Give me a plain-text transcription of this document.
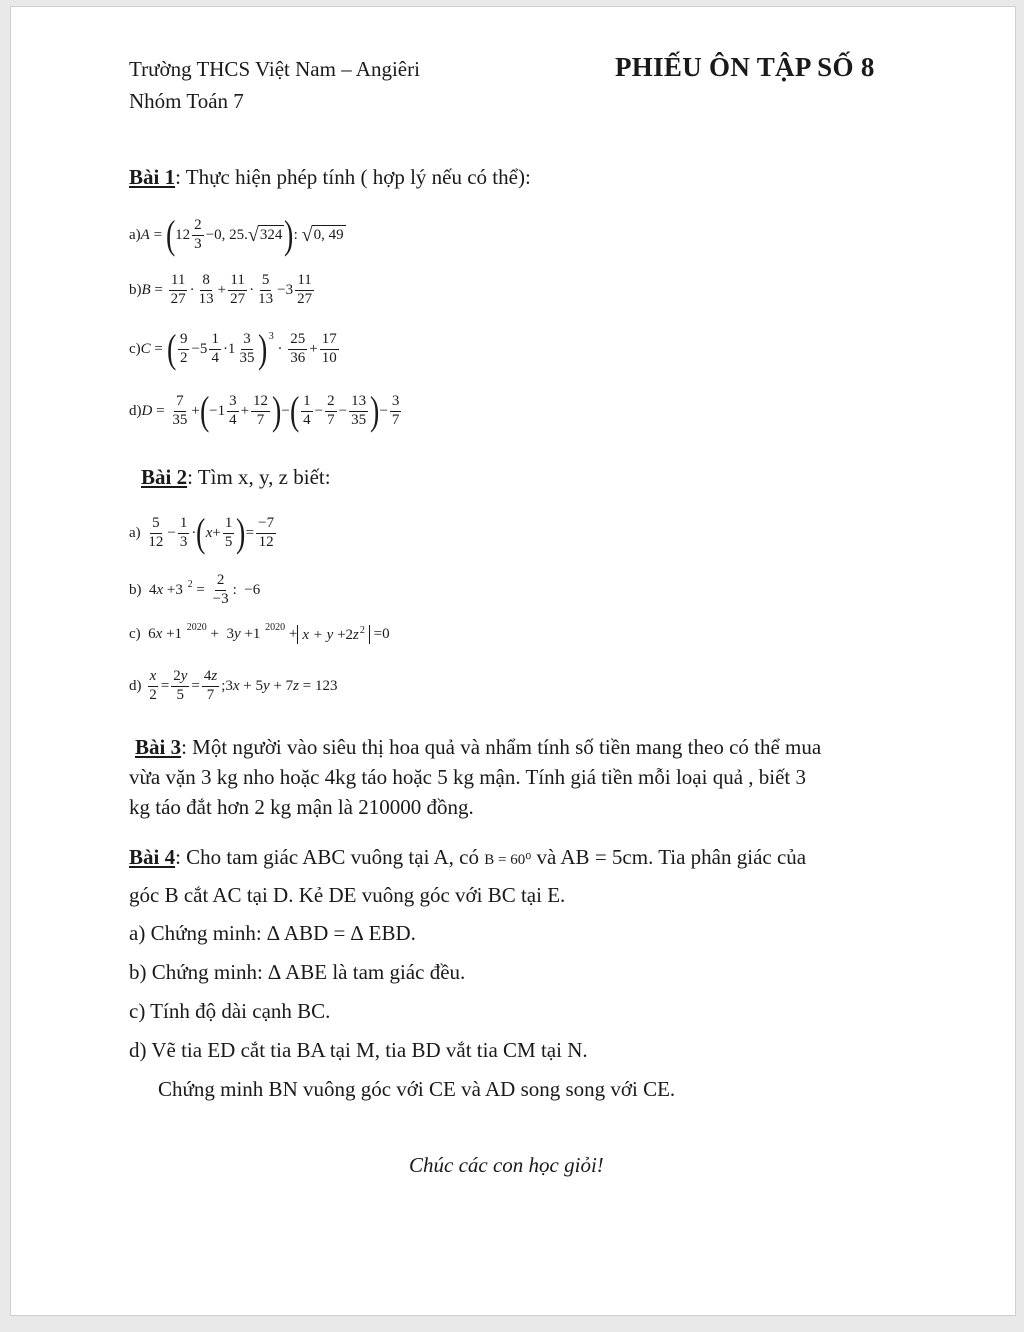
Trường THCS Việt Nam – Angiêri
Nhóm Toán 7
PHIẾU ÔN TẬP SỐ 8
Bài 1: Thực hiện phép tính ( hợp lý nếu có thể):
a) A = ( $12 \frac{2}{3} -0$, 25. √ 324 ) : √ 0, 49
b) $B = \frac{11}{27} \cdot \frac{8}{13} + \frac{11}{27} \cdot \frac{5}{13} -3 \frac{11}{27}$
c) C = ( $\frac{9}{2} -5 \frac{1}{4} \cdot 1 \frac{3}{35}$ ) 3
· $\frac{25}{36} + \frac{17}{10}$
d) $D = \frac{7}{35}$ + ( $-1 \frac{3}{4} + \frac{12}{7}$ ) − ( $\frac{1}{4} - \frac{2}{7} - \frac{13}{35}$ ) − $\frac{3}{7}$
Bài 2: Tìm x, y, z biết:
$a) \frac{5}{12} - \frac{1}{3}$ · ( $x + \frac{1}{5}$ ) = $\frac{-7}{12}$
b)  4 x +3 $2 = \frac{2}{-3}$ :  −6
c)  6 x +1 2020 +  3 y +1 $2020 + x + y +2z^2 =0$
$d) \frac{x}{2} = \frac{2y}{5} = \frac{4z}{7}$ ;3 x + 5 y + 7 z = 123
Bài 3: Một người vào siêu thị hoa quả và nhẩm tính số tiền mang theo có thể mua
vừa vặn 3 kg nho hoặc 4kg táo hoặc 5 kg mận. Tính giá tiền mỗi loại quả , biết 3
kg táo đắt hơn 2 kg mận là 210000 đồng.
Bài 4: Cho tam giác ABC vuông tại A, có B = 60⁰ và AB = 5cm. Tia phân giác của
góc B cắt AC tại D. Kẻ DE vuông góc với BC tại E.
a) Chứng minh: ∆ ABD = ∆ EBD.
b) Chứng minh: ∆ ABE là tam giác đều.
c) Tính độ dài cạnh BC.
d) Vẽ tia ED cắt tia BA tại M, tia BD vắt tia CM tại N.
Chứng minh BN vuông góc với CE và AD song song với CE.
Chúc các con học giỏi!
